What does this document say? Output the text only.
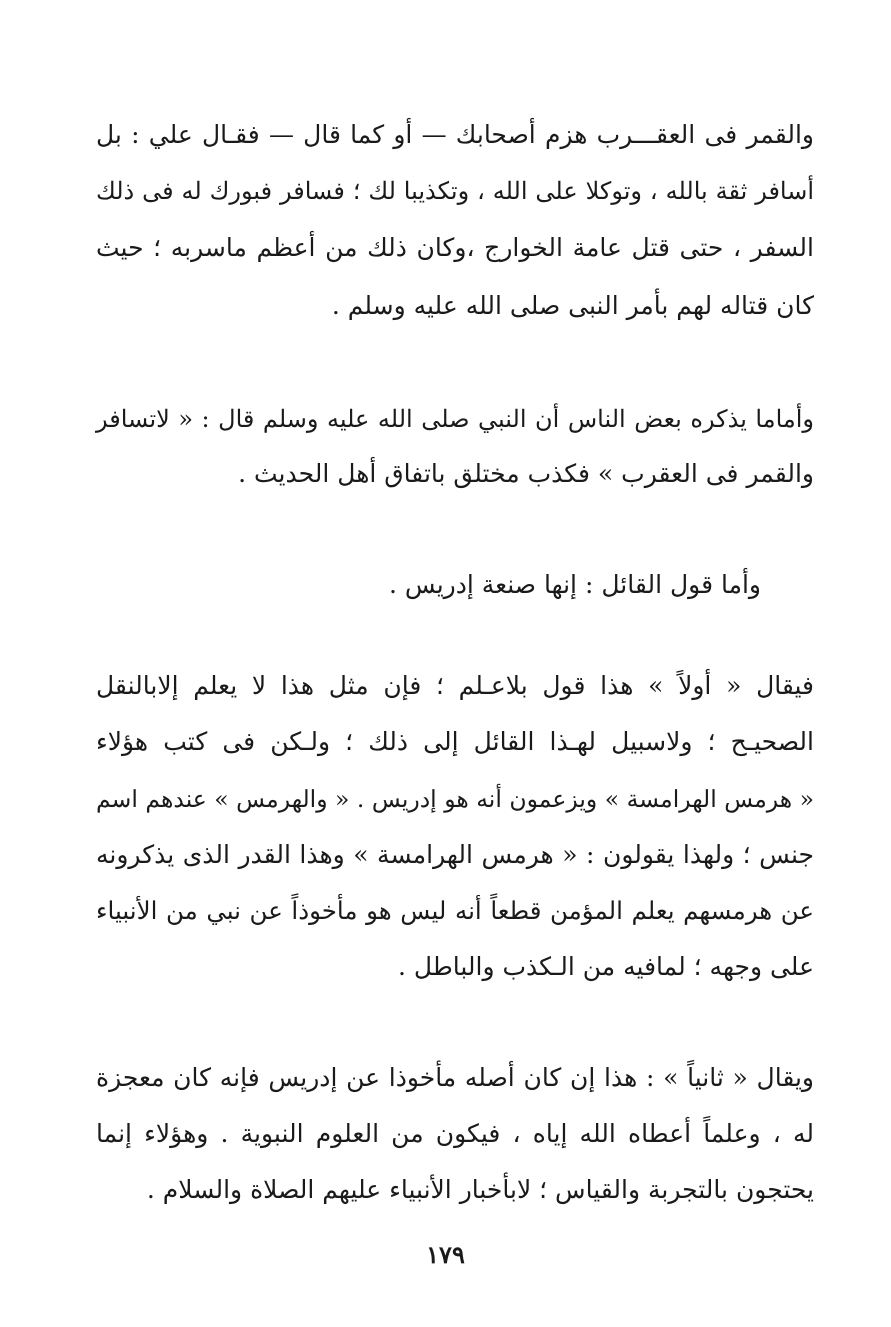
والقمر فى العقـــرب هزم أصحابك — أو كما قال — فقـال علي : بل
أسافر ثقة بالله ، وتوكلا على الله ، وتكذيبا لك ؛ فسافر فبورك له فى ذلك
السفر ، حتى قتل عامة الخوارج ،وكان ذلك من أعظم ماسربه ؛ حيث
كان قتاله لهم بأمر النبى صلى الله عليه وسلم .
وأماما يذكره بعض الناس أن النبي صلى الله عليه وسلم قال : « لاتسافر
والقمر فى العقرب » فكذب مختلق باتفاق أهل الحديث .
وأما قول القائل : إنها صنعة إدريس .
فيقال « أولاً » هذا قول بلاعـلم ؛ فإن مثل هذا لا يعلم إلابالنقل
الصحيـح ؛ ولاسبيل لهـذا القائل إلى ذلك ؛ ولـكن فى كتب هؤلاء
« هرمس الهرامسة » ويزعمون أنه هو إدريس . « والهرمس » عندهم اسم
جنس ؛ ولهذا يقولون : « هرمس الهرامسة » وهذا القدر الذى يذكرونه
عن هرمسهم يعلم المؤمن قطعاً أنه ليس هو مأخوذاً عن نبي من الأنبياء
على وجهه ؛ لمافيه من الـكذب والباطل .
ويقال « ثانياً » : هذا إن كان أصله مأخوذا عن إدريس فإنه كان معجزة
له ، وعلماً أعطاه الله إياه ، فيكون من العلوم النبوية . وهؤلاء إنما
يحتجون بالتجربة والقياس ؛ لابأخبار الأنبياء عليهم الصلاة والسلام .
١٧٩
